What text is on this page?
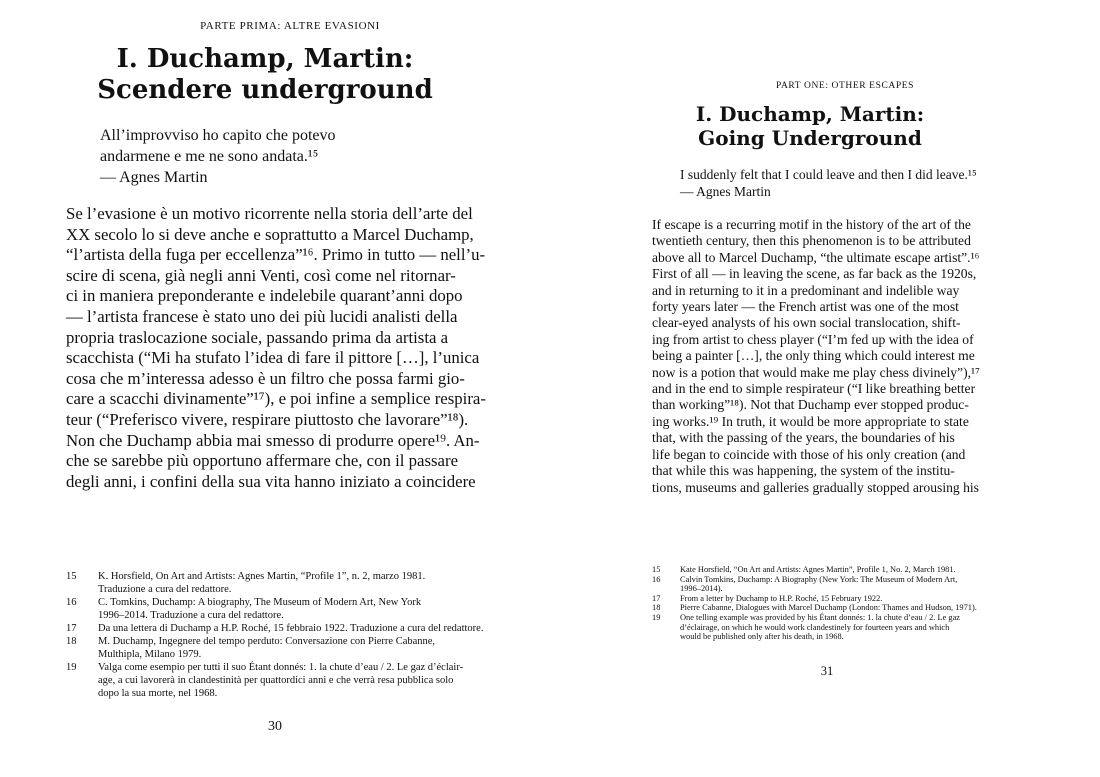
PARTE PRIMA: ALTRE EVASIONI
I. Duchamp, Martin:
Scendere underground
All’improvviso ho capito che potevo
andarmene e me ne sono andata.¹⁵
— Agnes Martin
Se l’evasione è un motivo ricorrente nella storia dell’arte del
XX secolo lo si deve anche e soprattutto a Marcel Duchamp,
“l’artista della fuga per eccellenza”¹⁶. Primo in tutto — nell’u-
scire di scena, già negli anni Venti, così come nel ritornar-
ci in maniera preponderante e indelebile quarant’anni dopo
— l’artista francese è stato uno dei più lucidi analisti della
propria traslocazione sociale, passando prima da artista a
scacchista (“Mi ha stufato l’idea di fare il pittore […], l’unica
cosa che m’interessa adesso è un filtro che possa farmi gio-
care a scacchi divinamente”¹⁷), e poi infine a semplice respira-
teur (“Preferisco vivere, respirare piuttosto che lavorare”¹⁸).
Non che Duchamp abbia mai smesso di produrre opere¹⁹. An-
che se sarebbe più opportuno affermare che, con il passare
degli anni, i confini della sua vita hanno iniziato a coincidere
15	K. Horsfield, On Art and Artists: Agnes Martin, “Profile 1”, n. 2, marzo 1981.
Traduzione a cura del redattore.
16	C. Tomkins, Duchamp: A biography, The Museum of Modern Art, New York
1996–2014. Traduzione a cura del redattore.
17	Da una lettera di Duchamp a H.P. Roché, 15 febbraio 1922. Traduzione a cura del redattore.
18	M. Duchamp, Ingegnere del tempo perduto: Conversazione con Pierre Cabanne,
Multhipla, Milano 1979.
19	Valga come esempio per tutti il suo Étant donnés: 1. la chute d’eau / 2. Le gaz d’éclair-
age, a cui lavorerà in clandestinità per quattordici anni e che verrà resa pubblica solo
dopo la sua morte, nel 1968.
30
PART ONE: OTHER ESCAPES
I. Duchamp, Martin:
Going Underground
I suddenly felt that I could leave and then I did leave.¹⁵
— Agnes Martin
If escape is a recurring motif in the history of the art of the
twentieth century, then this phenomenon is to be attributed
above all to Marcel Duchamp, “the ultimate escape artist”.¹⁶
First of all — in leaving the scene, as far back as the 1920s,
and in returning to it in a predominant and indelible way
forty years later — the French artist was one of the most
clear-eyed analysts of his own social translocation, shift-
ing from artist to chess player (“I’m fed up with the idea of
being a painter […], the only thing which could interest me
now is a potion that would make me play chess divinely”),¹⁷
and in the end to simple respirateur (“I like breathing better
than working”¹⁸). Not that Duchamp ever stopped produc-
ing works.¹⁹ In truth, it would be more appropriate to state
that, with the passing of the years, the boundaries of his
life began to coincide with those of his only creation (and
that while this was happening, the system of the institu-
tions, museums and galleries gradually stopped arousing his
15	Kate Horsfield, “On Art and Artists: Agnes Martin”, Profile 1, No. 2, March 1981.
16	Calvin Tomkins, Duchamp: A Biography (New York: The Museum of Modern Art,
1996–2014).
17	From a letter by Duchamp to H.P. Roché, 15 February 1922.
18	Pierre Cabanne, Dialogues with Marcel Duchamp (London: Thames and Hudson, 1971).
19	One telling example was provided by his Étant donnés: 1. la chute d’eau / 2. Le gaz
d’éclairage, on which he would work clandestinely for fourteen years and which
would be published only after his death, in 1968.
31
